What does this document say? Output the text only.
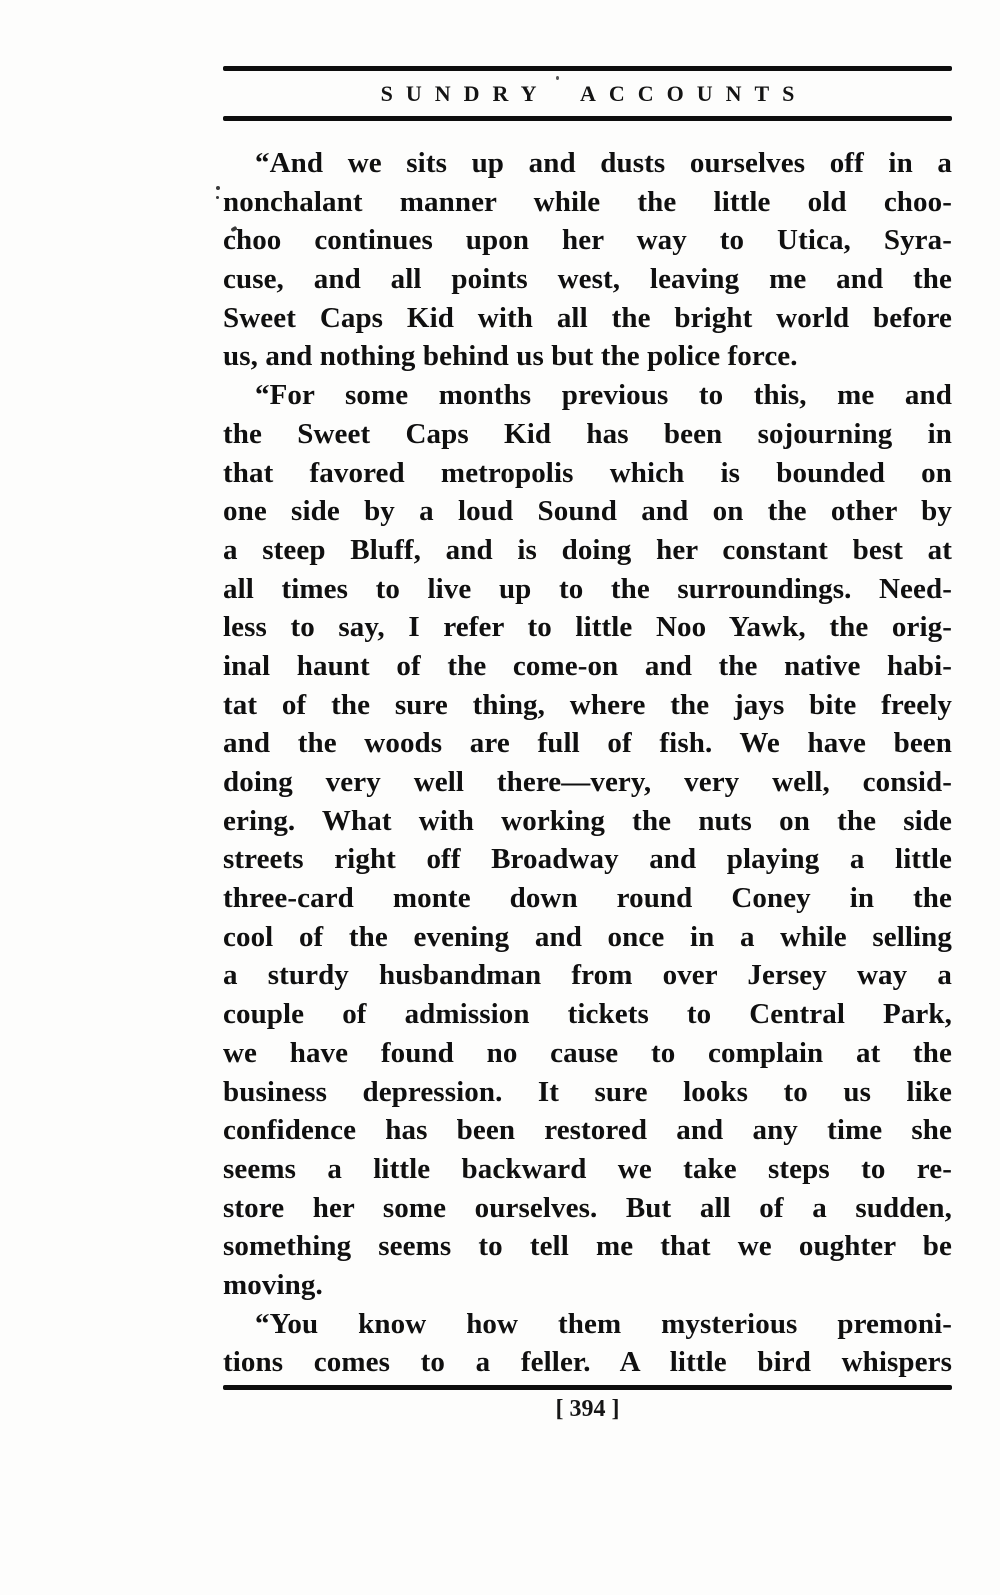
SUNDRY ACCOUNTS
“And we sits up and dusts ourselves off in a
nonchalant manner while the little old choo-
choo continues upon her way to Utica, Syra-
cuse, and all points west, leaving me and the
Sweet Caps Kid with all the bright world before
us, and nothing behind us but the police force.
“For some months previous to this, me and
the Sweet Caps Kid has been sojourning in
that favored metropolis which is bounded on
one side by a loud Sound and on the other by
a steep Bluff, and is doing her constant best at
all times to live up to the surroundings. Need-
less to say, I refer to little Noo Yawk, the orig-
inal haunt of the come-on and the native habi-
tat of the sure thing, where the jays bite freely
and the woods are full of fish. We have been
doing very well there—very, very well, consid-
ering. What with working the nuts on the side
streets right off Broadway and playing a little
three-card monte down round Coney in the
cool of the evening and once in a while selling
a sturdy husbandman from over Jersey way a
couple of admission tickets to Central Park,
we have found no cause to complain at the
business depression. It sure looks to us like
confidence has been restored and any time she
seems a little backward we take steps to re-
store her some ourselves. But all of a sudden,
something seems to tell me that we oughter be
moving.
“You know how them mysterious premoni-
tions comes to a feller. A little bird whispers
[ 394 ]
